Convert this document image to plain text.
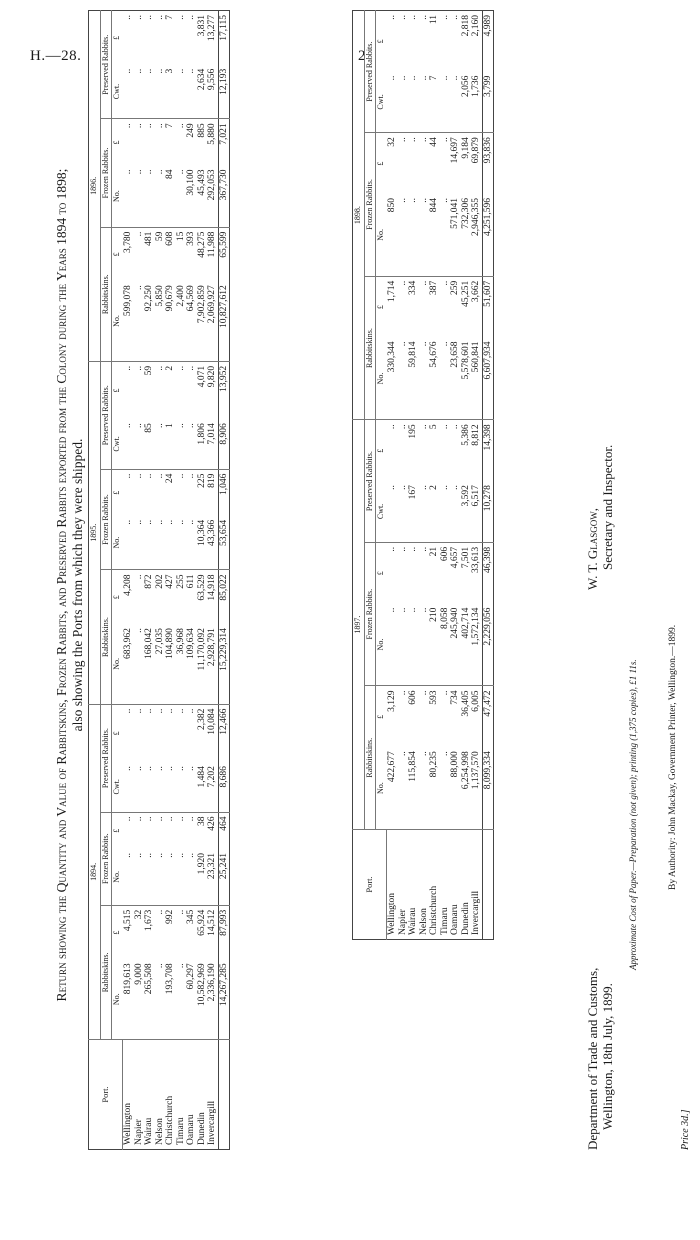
H.—28.	2
Return showing the Quantity and Value of Rabbitskins, Frozen Rabbits, and Preserved Rabbits exported from the Colony during the Years 1894 to 1898; also showing the Ports from which they were shipped.
Port.	1894.						1895.						1896.					
	Rabbitskins.		Frozen Rabbits.		Preserved Rabbits.		Rabbitskins.		Frozen Rabbits.		Preserved Rabbits.		Rabbitskins.		Frozen Rabbits.		Preserved Rabbits.	
	No.	£	No.	£	Cwt.	£	No.	£	No.	£	Cwt.	£	No.	£	No.	£	Cwt.	£
Wellington	819,613	4,515	..	..	..	..	683,962	4,208	..	..	..	..	599,078	3,780	..	..	..	..
Napier	9,000	32	..	..	..	..	..	..	..	..	..	..	..	..	..	..	..	..
Wairau	265,508	1,673	..	..	..	..	168,042	872	..	..	85	59	92,250	481	..	..	..	..
Nelson	..	..	..	..	..	..	27,035	202	..	..	..	..	5,850	59	..	..	..	..
Christchurch	193,708	992	..	..	..	..	104,890	427	..	24	1	2	90,679	608	84	7	3	7
Timaru	..	..	..	..	..	..	36,968	255	..	..	..	..	2,400	15	..	..	..	..
Oamaru	60,297	345	..	..	..	..	109,634	611	..	..	..	..	64,569	393	30,100	249	..	..
Dunedin	10,582,969	65,924	1,920	38	1,484	2,382	11,170,092	63,529	10,364	225	1,806	4,071	7,902,859	48,275	45,493	885	2,634	3,831
Invercargill	2,336,190	14,512	23,321	426	7,202	10,084	2,928,791	14,918	43,366	819	7,014	9,820	2,069,927	11,988	292,053	5,880	9,556	13,277
	14,267,285	87,993	25,241	464	8,686	12,466	15,229,314	85,022	53,654	1,046	8,906	13,952	10,827,612	65,599	367,730	7,021	12,193	17,115
Port.	1897.						1898.					
	Rabbitskins.		Frozen Rabbits.		Preserved Rabbits.		Rabbitskins.		Frozen Rabbits.		Preserved Rabbits.	
	No.	£	No.	£	Cwt.	£	No.	£	No.	£	Cwt.	£
Wellington	422,677	3,129	..	..	..	..	330,344	1,714	850	32	..	..
Napier	..	..	..	..	..	..	..	..	..	..	..	..
Wairau	115,854	606	..	..	167	195	59,814	334	..	..	..	..
Nelson	..	..	..	..	..	..	..	..	..	..	..	..
Christchurch	80,235	593	210	21	2	5	54,676	387	844	44	7	11
Timaru	..	..	8,058	606	..	..	..	..	..	..	..	..
Oamaru	88,000	734	245,940	4,657	..	..	23,658	259	571,041	14,697	..	..
Dunedin	6,254,998	36,405	402,714	7,501	3,592	5,386	5,578,601	45,251	732,306	9,184	2,056	2,818
Invercargill	1,137,570	6,005	1,572,134	33,613	6,517	8,812	560,841	3,662	2,946,355	69,879	1,736	2,160
	8,099,334	47,472	2,229,056	46,398	10,278	14,398	6,607,934	51,607	4,251,596	93,836	3,799	4,989
Department of Trade and Customs, Wellington, 18th July, 1899.
W. T. Glasgow, Secretary and Inspector.
Approximate Cost of Paper.—Preparation (not given); printing (1,375 copies), £1 11s.
Price 3d.]
By Authority: John Mackay, Government Printer, Wellington.—1899.
